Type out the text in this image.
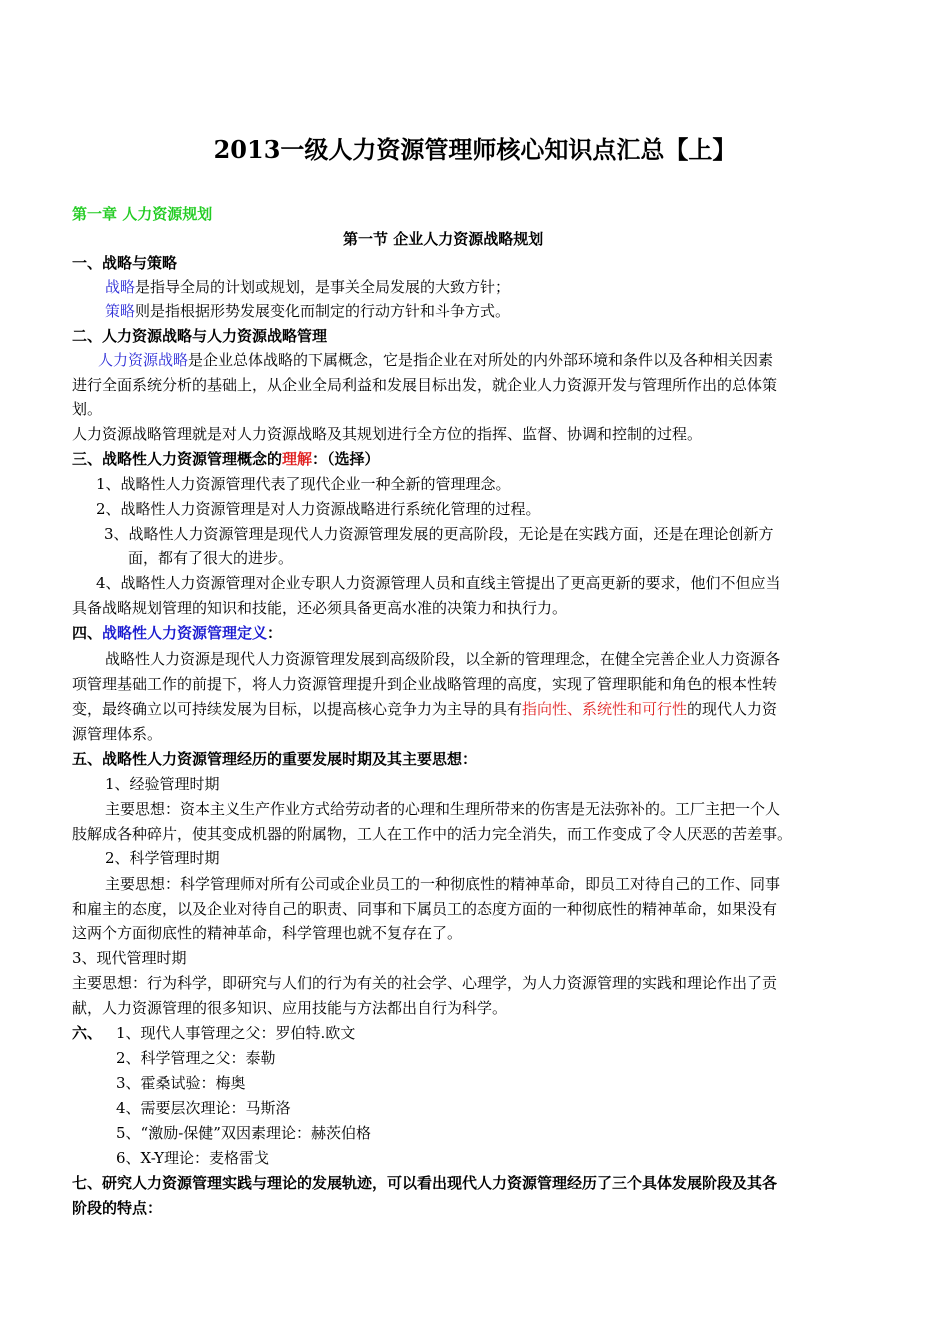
2013一级人力资源管理师核心知识点汇总【上】
第一章 人力资源规划
第一节 企业人力资源战略规划
一、战略与策略
战略是指导全局的计划或规划，是事关全局发展的大致方针；
策略则是指根据形势发展变化而制定的行动方针和斗争方式。
二、人力资源战略与人力资源战略管理
人力资源战略是企业总体战略的下属概念，它是指企业在对所处的内外部环境和条件以及各种相关因素
进行全面系统分析的基础上，从企业全局利益和发展目标出发，就企业人力资源开发与管理所作出的总体策
划。
人力资源战略管理就是对人力资源战略及其规划进行全方位的指挥、监督、协调和控制的过程。
三、战略性人力资源管理概念的理解：（选择）
1、战略性人力资源管理代表了现代企业一种全新的管理理念。
2、战略性人力资源管理是对人力资源战略进行系统化管理的过程。
3、战略性人力资源管理是现代人力资源管理发展的更高阶段，无论是在实践方面，还是在理论创新方
面，都有了很大的进步。
4、战略性人力资源管理对企业专职人力资源管理人员和直线主管提出了更高更新的要求，他们不但应当
具备战略规划管理的知识和技能，还必须具备更高水准的决策力和执行力。
四、战略性人力资源管理定义：
战略性人力资源是现代人力资源管理发展到高级阶段，以全新的管理理念，在健全完善企业人力资源各
项管理基础工作的前提下，将人力资源管理提升到企业战略管理的高度，实现了管理职能和角色的根本性转
变，最终确立以可持续发展为目标，以提高核心竞争力为主导的具有指向性、系统性和可行性的现代人力资
源管理体系。
五、战略性人力资源管理经历的重要发展时期及其主要思想：
1、经验管理时期
主要思想：资本主义生产作业方式给劳动者的心理和生理所带来的伤害是无法弥补的。工厂主把一个人
肢解成各种碎片，使其变成机器的附属物，工人在工作中的活力完全消失，而工作变成了令人厌恶的苦差事。
2、科学管理时期
主要思想：科学管理师对所有公司或企业员工的一种彻底性的精神革命，即员工对待自己的工作、同事
和雇主的态度，以及企业对待自己的职责、同事和下属员工的态度方面的一种彻底性的精神革命，如果没有
这两个方面彻底性的精神革命，科学管理也就不复存在了。
3、现代管理时期
主要思想：行为科学，即研究与人们的行为有关的社会学、心理学，为人力资源管理的实践和理论作出了贡
献，人力资源管理的很多知识、应用技能与方法都出自行为科学。
六、 1、现代人事管理之父：罗伯特.欧文
2、科学管理之父：泰勒
3、霍桑试验：梅奥
4、需要层次理论：马斯洛
5、“激励-保健”双因素理论：赫茨伯格
6、X-Y理论：麦格雷戈
七、研究人力资源管理实践与理论的发展轨迹，可以看出现代人力资源管理经历了三个具体发展阶段及其各
阶段的特点：
